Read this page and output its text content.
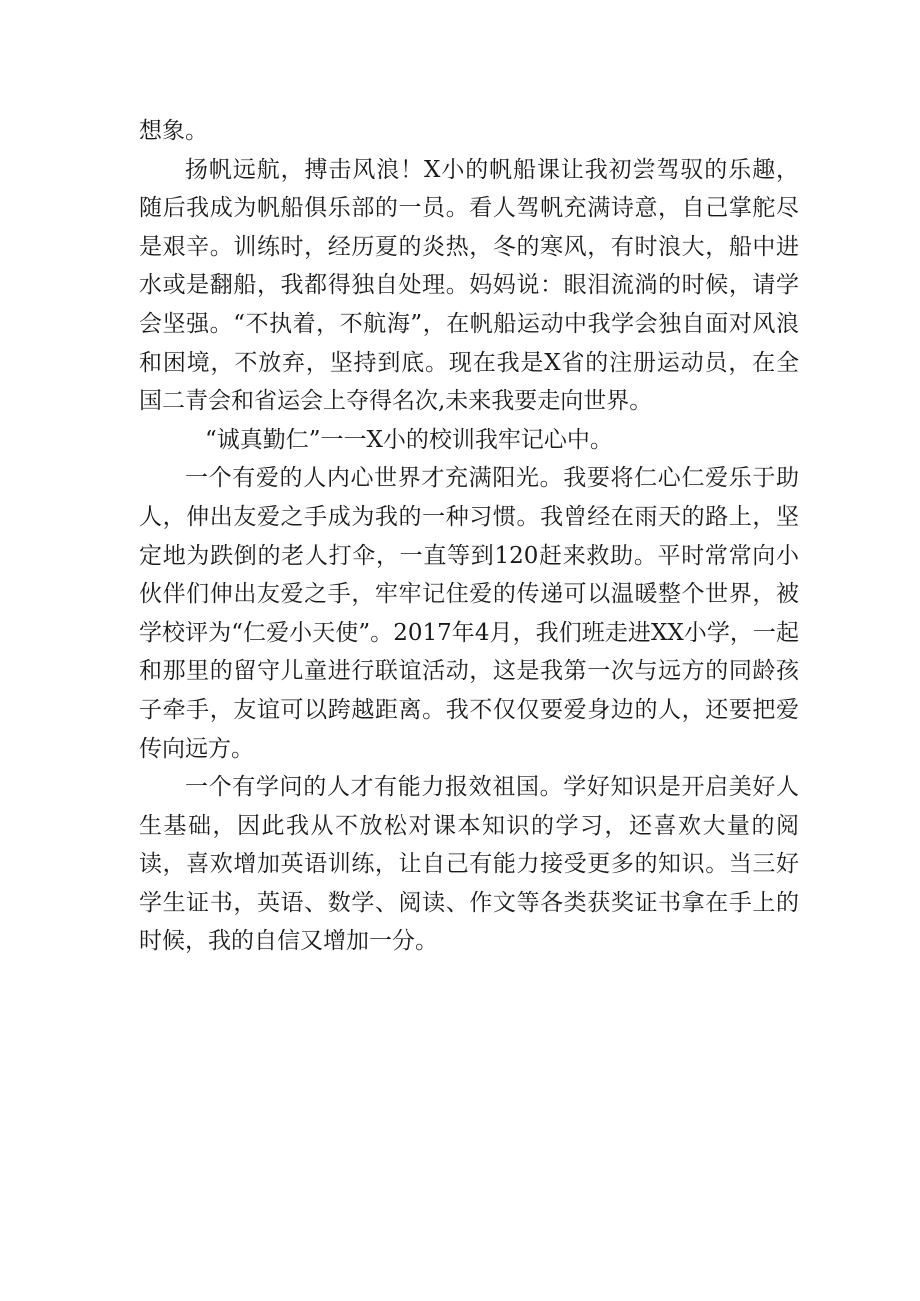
想象。

扬帆远航，搏击风浪！X小的帆船课让我初尝驾驭的乐趣，随后我成为帆船俱乐部的一员。看人驾帆充满诗意，自己掌舵尽是艰辛。训练时，经历夏的炎热，冬的寒风，有时浪大，船中进水或是翻船，我都得独自处理。妈妈说：眼泪流淌的时候，请学会坚强。“不执着，不航海”，在帆船运动中我学会独自面对风浪和困境，不放弃，坚持到底。现在我是X省的注册运动员，在全国二青会和省运会上夺得名次,未来我要走向世界。

“诚真勤仁”一一X小的校训我牢记心中。

一个有爱的人内心世界才充满阳光。我要将仁心仁爱乐于助人，伸出友爱之手成为我的一种习惯。我曾经在雨天的路上，坚定地为跌倒的老人打伞，一直等到120赶来救助。平时常常向小伙伴们伸出友爱之手，牢牢记住爱的传递可以温暖整个世界，被学校评为“仁爱小天使”。2017年4月，我们班走进XX小学，一起和那里的留守儿童进行联谊活动，这是我第一次与远方的同龄孩子牵手，友谊可以跨越距离。我不仅仅要爱身边的人，还要把爱传向远方。

一个有学问的人才有能力报效祖国。学好知识是开启美好人生基础，因此我从不放松对课本知识的学习，还喜欢大量的阅读，喜欢增加英语训练，让自己有能力接受更多的知识。当三好学生证书，英语、数学、阅读、作文等各类获奖证书拿在手上的时候，我的自信又增加一分。
